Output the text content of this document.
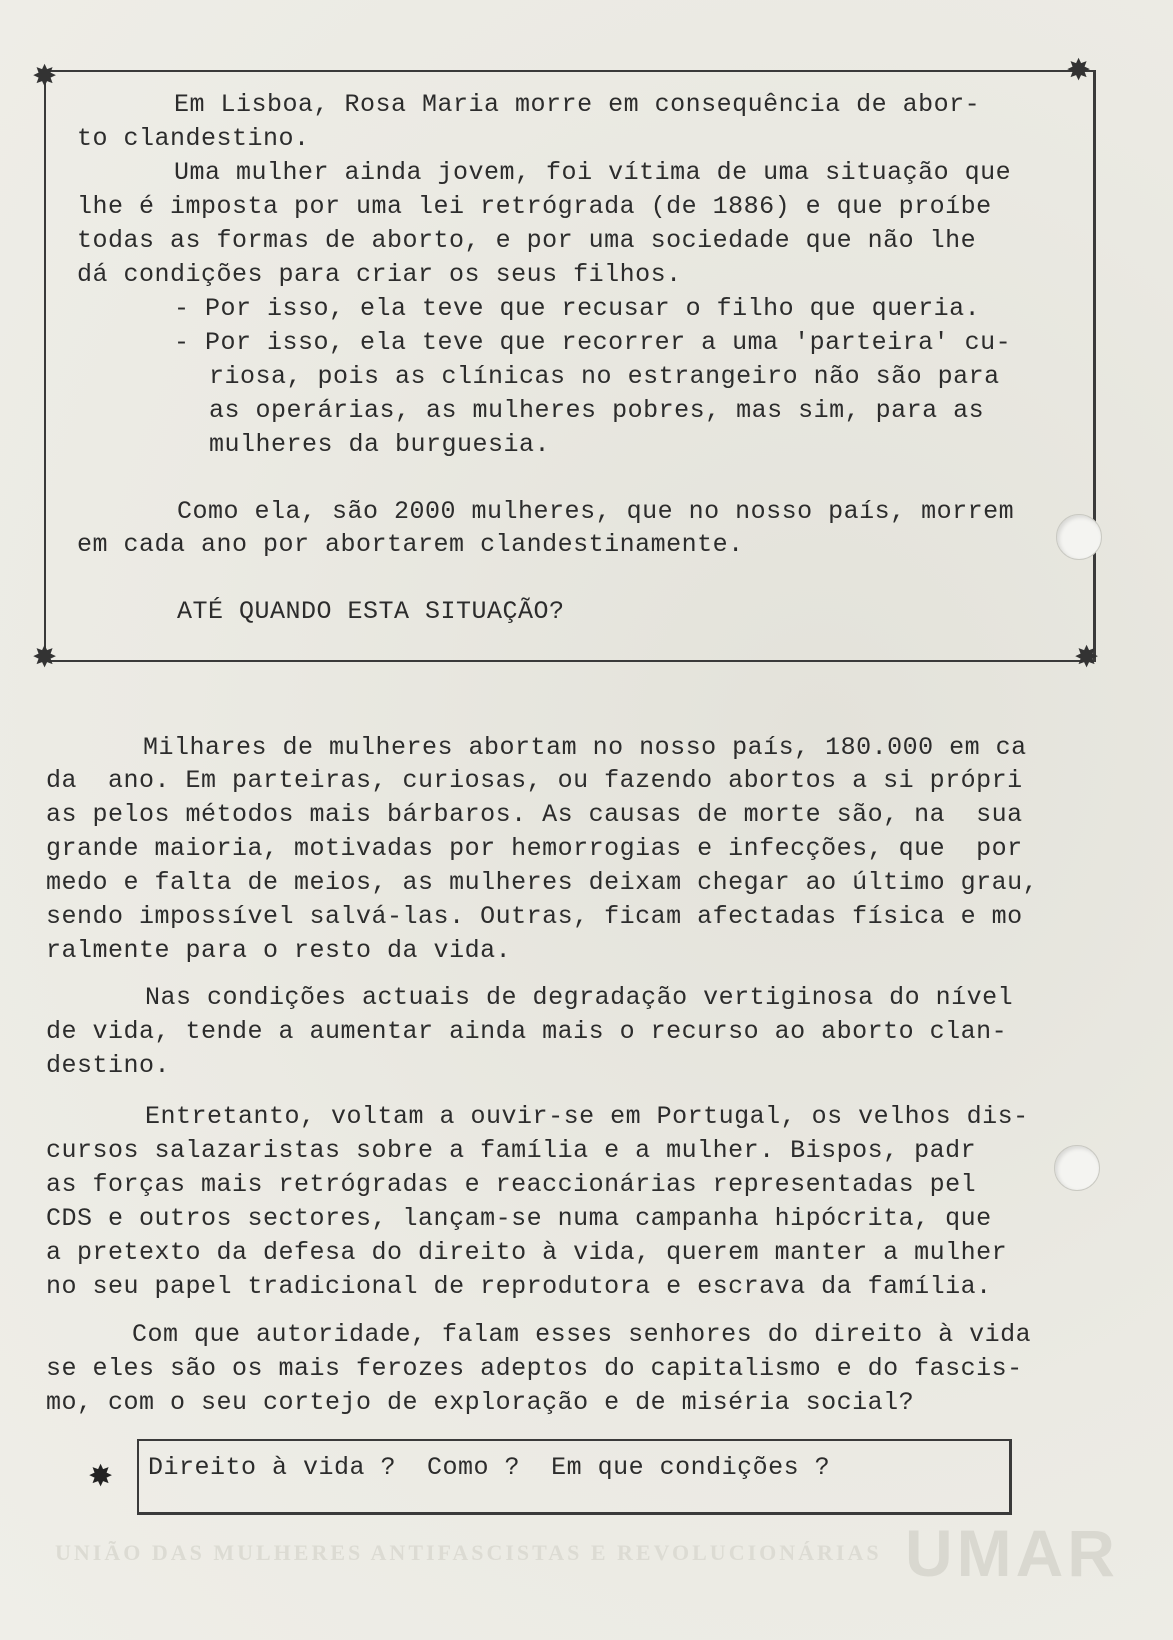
UMAR
UNIÃO DAS MULHERES ANTIFASCISTAS E REVOLUCIONÁRIAS
✸	✸
✸	✸
Em Lisboa, Rosa Maria morre em consequência de abor-
to clandestino.
Uma mulher ainda jovem, foi vítima de uma situação que
lhe é imposta por uma lei retrógrada (de 1886) e que proíbe
todas as formas de aborto, e por uma sociedade que não lhe
dá condições para criar os seus filhos.
- Por isso, ela teve que recusar o filho que queria.
- Por isso, ela teve que recorrer a uma 'parteira' cu-
riosa, pois as clínicas no estrangeiro não são para
as operárias, as mulheres pobres, mas sim, para as
mulheres da burguesia.
Como ela, são 2000 mulheres, que no nosso país, morrem
em cada ano por abortarem clandestinamente.
ATÉ QUANDO ESTA SITUAÇÃO?
Milhares de mulheres abortam no nosso país, 180.000 em ca
da  ano. Em parteiras, curiosas, ou fazendo abortos a si própri
as pelos métodos mais bárbaros. As causas de morte são, na  sua
grande maioria, motivadas por hemorrogias e infecções, que  por
medo e falta de meios, as mulheres deixam chegar ao último grau,
sendo impossível salvá-las. Outras, ficam afectadas física e mo
ralmente para o resto da vida.
Nas condições actuais de degradação vertiginosa do nível
de vida, tende a aumentar ainda mais o recurso ao aborto clan-
destino.
Entretanto, voltam a ouvir-se em Portugal, os velhos dis-
cursos salazaristas sobre a família e a mulher. Bispos, padr
as forças mais retrógradas e reaccionárias representadas pel
CDS e outros sectores, lançam-se numa campanha hipócrita, que
a pretexto da defesa do direito à vida, querem manter a mulher
no seu papel tradicional de reprodutora e escrava da família.
Com que autoridade, falam esses senhores do direito à vida
se eles são os mais ferozes adeptos do capitalismo e do fascis-
mo, com o seu cortejo de exploração e de miséria social?
✸ Direito à vida ?  Como ?  Em que condições ?
